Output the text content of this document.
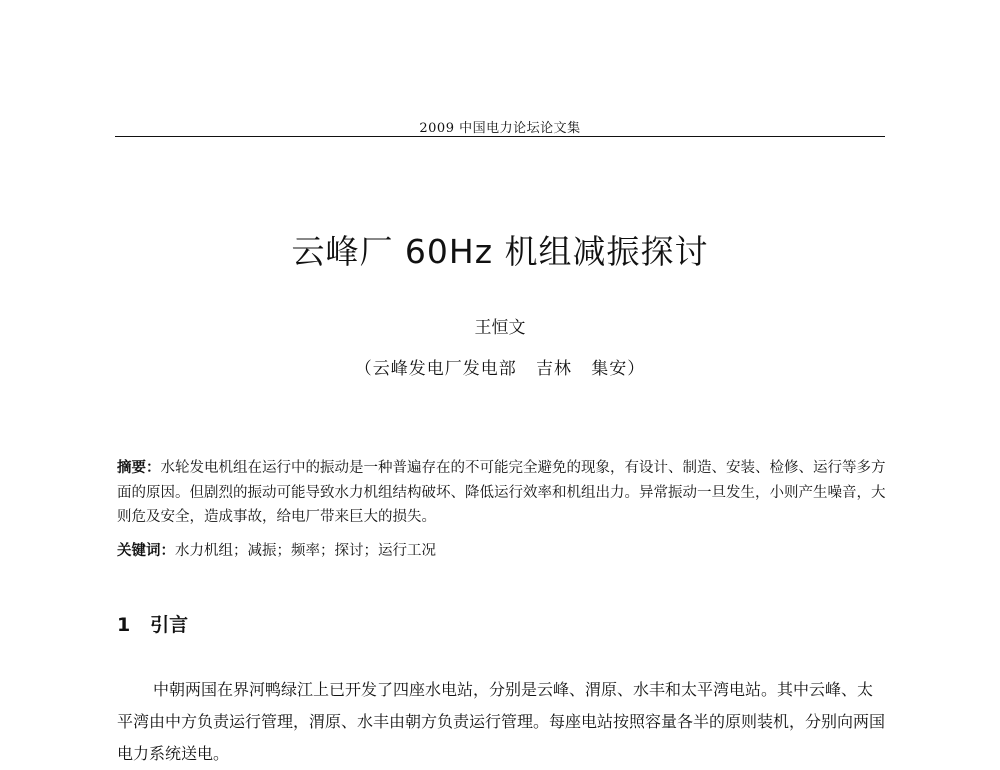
2009 中国电力论坛论文集
云峰厂 60Hz 机组减振探讨
王恒文
（云峰发电厂发电部   吉林   集安）
摘要：水轮发电机组在运行中的振动是一种普遍存在的不可能完全避免的现象，有设计、制造、安装、检修、运行等多方面的原因。但剧烈的振动可能导致水力机组结构破坏、降低运行效率和机组出力。异常振动一旦发生，小则产生噪音，大则危及安全，造成事故，给电厂带来巨大的损失。
关键词：水力机组；减振；频率；探讨；运行工况
1   引言
中朝两国在界河鸭绿江上已开发了四座水电站，分别是云峰、渭原、水丰和太平湾电站。其中云峰、太平湾由中方负责运行管理，渭原、水丰由朝方负责运行管理。每座电站按照容量各半的原则装机，分别向两国电力系统送电。
